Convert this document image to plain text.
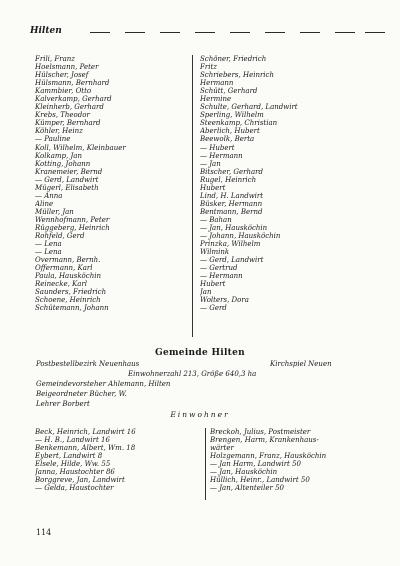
Hilten
Frili, Franz
Hoelsmann, Peter
Hülscher, Josef
Hülsmann, Bernhard
Kammbier, Otto
Kalverkamp, Gerhard
Kleinherb, Gerhard
Krebs, Theodor
Kümper, Bernhard
Köhler, Heinz
— Pauline
Koll, Wilhelm, Kleinbauer
Kolkamp, Jan
Kotting, Johann
Kranemeier, Bernd
— Gerd, Landwirt
Mügerl, Elisabeth
— Anna
Aline
Müller, Jan
Wennhofmann, Peter
Rüggeberg, Heinrich
Rohfeld, Gerd
— Lena
— Lena
Overmann, Bernh.
Offermann, Karl
Paula, Hausköchin
Reinecke, Karl
Saunders, Friedrich
Schoene, Heinrich
Schütemann, Johann
Schöner, Friedrich
Fritz
Schriebers, Heinrich
Hermann
Schütt, Gerhard
Hermine
Schulte, Gerhard, Landwirt
Sperling, Wilhelm
Steenkamp, Christian
Aberlich, Hubert
Beewolk, Berta
— Hubert
— Hermann
— Jan
Bitscher, Gerhard
Rugel, Heinrich
Hubert
Lind, H. Landwirt
Büsker, Hermann
Bentmann, Bernd
— Bahan
— Jan, Hausköchin
— Johann, Hausköchin
Prinzka, Wilhelm
Wilmink
— Gerd, Landwirt
— Gertrud
— Hermann
Hubert
Jan
Wolters, Dora
— Gerd
Gemeinde Hilten
Postbestellbezirk Neuenhaus	Kirchspiel Neuen
Einwohnerzahl 213, Größe 640,3 ha
Gemeindevorsteher Ahlemann, Hilten
Beigeordneter Bücher, W.
Lehrer Borbert
Einwohner
Beck, Heinrich, Landwirt 16
— H. B., Landwirt 16
Benkemann, Albert, Wm. 18
Eybert, Landwirt 8
Elsele, Hilde, Ww. 55
Janna, Haustochter 86
Borggreve, Jan, Landwirt
— Gelda, Haustochter
Breckoh, Julius, Postmeister
Brengen, Harm, Krankenhaus-
wärter
Holzgemann, Franz, Hausköchin
— Jan Harm, Landwirt 50
— Jan, Hausköchin
Hüllich, Heinr., Landwirt 50
— Jan, Altenteiler 50
114
